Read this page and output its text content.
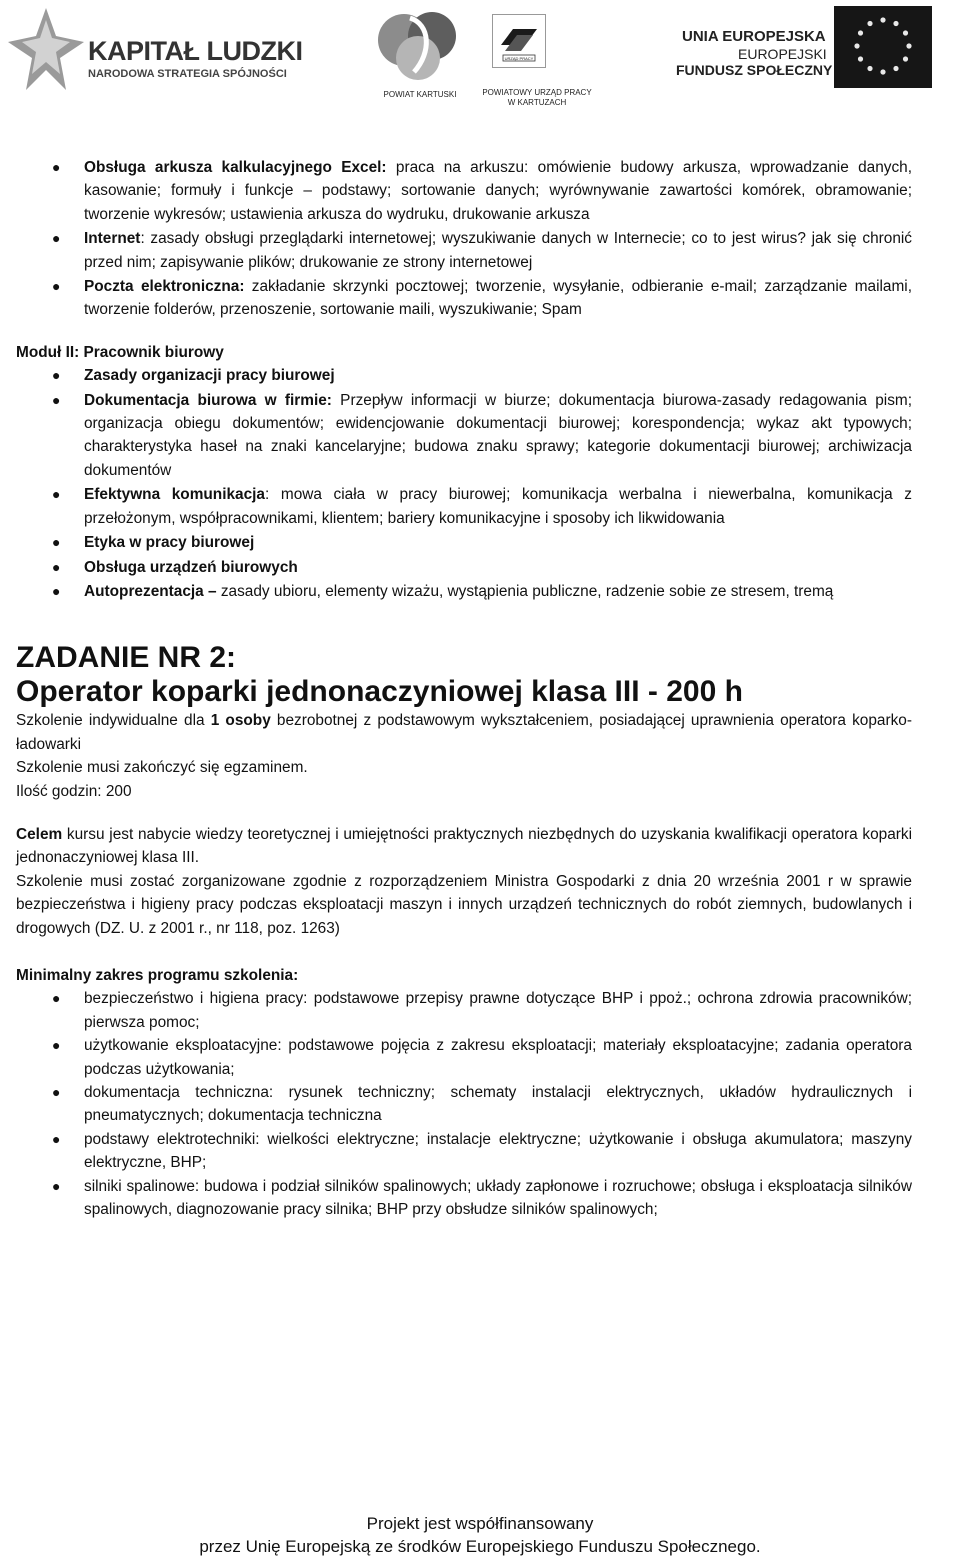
KAPITAŁ LUDZKI
NARODOWA STRATEGIA SPÓJNOŚCI
POWIAT KARTUSKI
URZĄD PRACY
POWIATOWY URZĄD PRACY W KARTUZACH
UNIA EUROPEJSKA
EUROPEJSKI
FUNDUSZ SPOŁECZNY
● Obsługa arkusza kalkulacyjnego Excel: praca na arkuszu: omówienie budowy arkusza, wprowadzanie danych, kasowanie; formuły i funkcje – podstawy; sortowanie danych; wyrównywanie zawartości komórek, obramowanie; tworzenie wykresów; ustawienia arkusza do wydruku, drukowanie arkusza
● Internet: zasady obsługi przeglądarki internetowej; wyszukiwanie danych w Internecie; co to jest wirus? jak się chronić przed nim; zapisywanie plików; drukowanie ze strony internetowej
● Poczta elektroniczna: zakładanie skrzynki pocztowej; tworzenie, wysyłanie, odbieranie e-mail; zarządzanie mailami, tworzenie folderów, przenoszenie, sortowanie maili, wyszukiwanie; Spam
Moduł II: Pracownik biurowy
● Zasady organizacji pracy biurowej
● Dokumentacja biurowa w firmie: Przepływ informacji w biurze; dokumentacja biurowa-zasady redagowania pism; organizacja obiegu dokumentów; ewidencjowanie dokumentacji biurowej; korespondencja; wykaz akt typowych; charakterystyka haseł na znaki kancelaryjne; budowa znaku sprawy; kategorie dokumentacji biurowej; archiwizacja dokumentów
● Efektywna komunikacja: mowa ciała w pracy biurowej; komunikacja werbalna i niewerbalna, komunikacja z przełożonym, współpracownikami, klientem; bariery komunikacyjne i sposoby ich likwidowania
● Etyka w pracy biurowej
● Obsługa urządzeń biurowych
● Autoprezentacja – zasady ubioru, elementy wizażu, wystąpienia publiczne, radzenie sobie ze stresem, tremą
ZADANIE NR 2:
Operator koparki jednonaczyniowej klasa III - 200 h

Szkolenie indywidualne dla 1 osoby bezrobotnej z podstawowym wykształceniem, posiadającej uprawnienia operatora koparko-ładowarki

Szkolenie musi zakończyć się egzaminem.

Ilość godzin: 200

Celem kursu jest nabycie wiedzy teoretycznej i umiejętności praktycznych niezbędnych do uzyskania kwalifikacji operatora koparki jednonaczyniowej klasa III.

Szkolenie musi zostać zorganizowane zgodnie z rozporządzeniem Ministra Gospodarki z dnia 20 września 2001 r w sprawie bezpieczeństwa i higieny pracy podczas eksploatacji maszyn i innych urządzeń technicznych do robót ziemnych, budowlanych i drogowych (DZ. U. z 2001 r., nr 118, poz. 1263)

Minimalny zakres programu szkolenia:
● bezpieczeństwo i higiena pracy: podstawowe przepisy prawne dotyczące BHP i ppoż.; ochrona zdrowia pracowników; pierwsza pomoc;
● użytkowanie eksploatacyjne: podstawowe pojęcia z zakresu eksploatacji; materiały eksploatacyjne; zadania operatora podczas użytkowania;
● dokumentacja techniczna: rysunek techniczny; schematy instalacji elektrycznych, układów hydraulicznych i pneumatycznych; dokumentacja techniczna
● podstawy elektrotechniki: wielkości elektryczne; instalacje elektryczne; użytkowanie i obsługa akumulatora; maszyny elektryczne, BHP;
● silniki spalinowe: budowa i podział silników spalinowych; układy zapłonowe i rozruchowe; obsługa i eksploatacja silników spalinowych, diagnozowanie pracy silnika; BHP przy obsłudze silników spalinowych;
Projekt jest współfinansowany
przez Unię Europejską ze środków Europejskiego Funduszu Społecznego.
